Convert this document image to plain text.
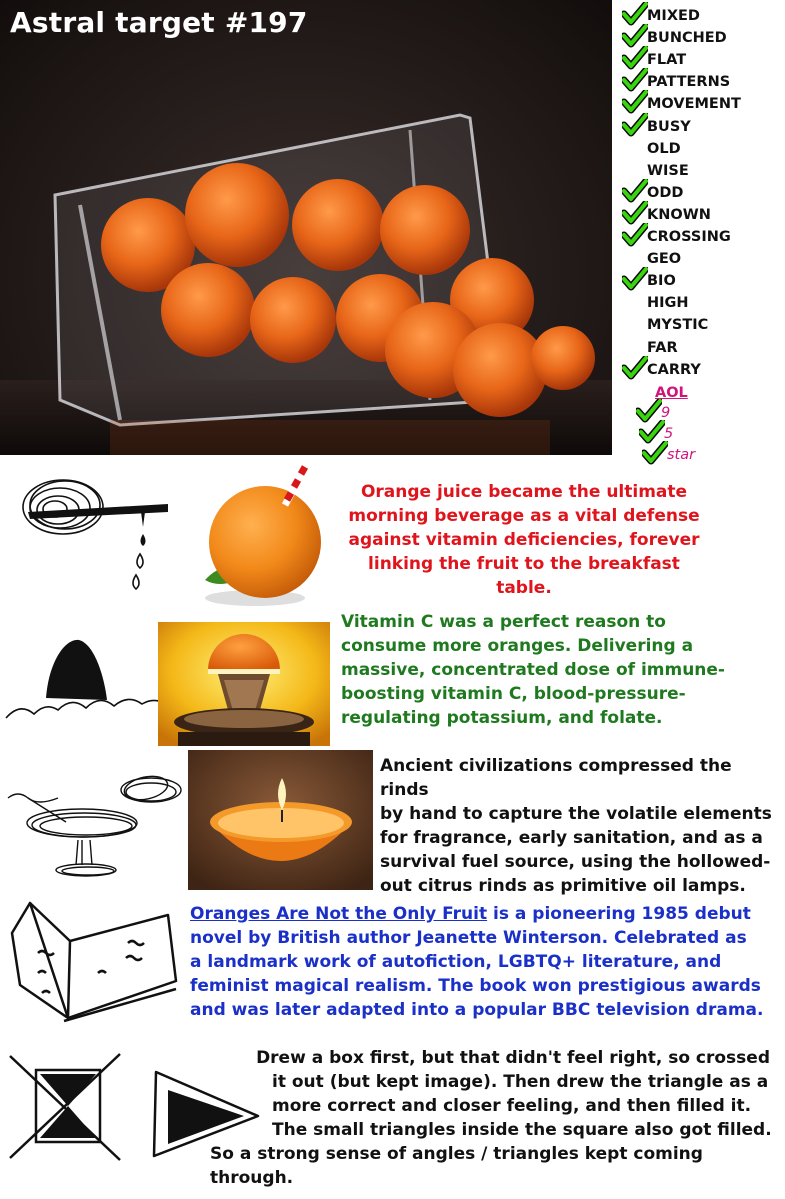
Astral target #197	MIXED
BUNCHED
FLAT
PATTERNS
MOVEMENT
BUSY
OLD
WISE
ODD
KNOWN
CROSSING
GEO
BIO
HIGH
MYSTIC
FAR
CARRY
AOL
9
5
star
Orange juice became the ultimate
morning beverage as a vital defense
against vitamin deficiencies, forever
linking the fruit to the breakfast table.
Vitamin C was a perfect reason to
consume more oranges. Delivering a
massive, concentrated dose of immune-
boosting vitamin C, blood-pressure-
regulating potassium, and folate.
Ancient civilizations compressed the rinds
by hand to capture the volatile elements
for fragrance, early sanitation, and as a
survival fuel source, using the hollowed-
out citrus rinds as primitive oil lamps.
Oranges Are Not the Only Fruit is a pioneering 1985 debut
novel by British author Jeanette Winterson. Celebrated as
a landmark work of autofiction, LGBTQ+ literature, and
feminist magical realism. The book won prestigious awards
and was later adapted into a popular BBC television drama.
Drew a box first, but that didn't feel right, so crossed
it out (but kept image). Then drew the triangle as a
more correct and closer feeling, and then filled it.
The small triangles inside the square also got filled.
So a strong sense of angles / triangles kept coming through.
